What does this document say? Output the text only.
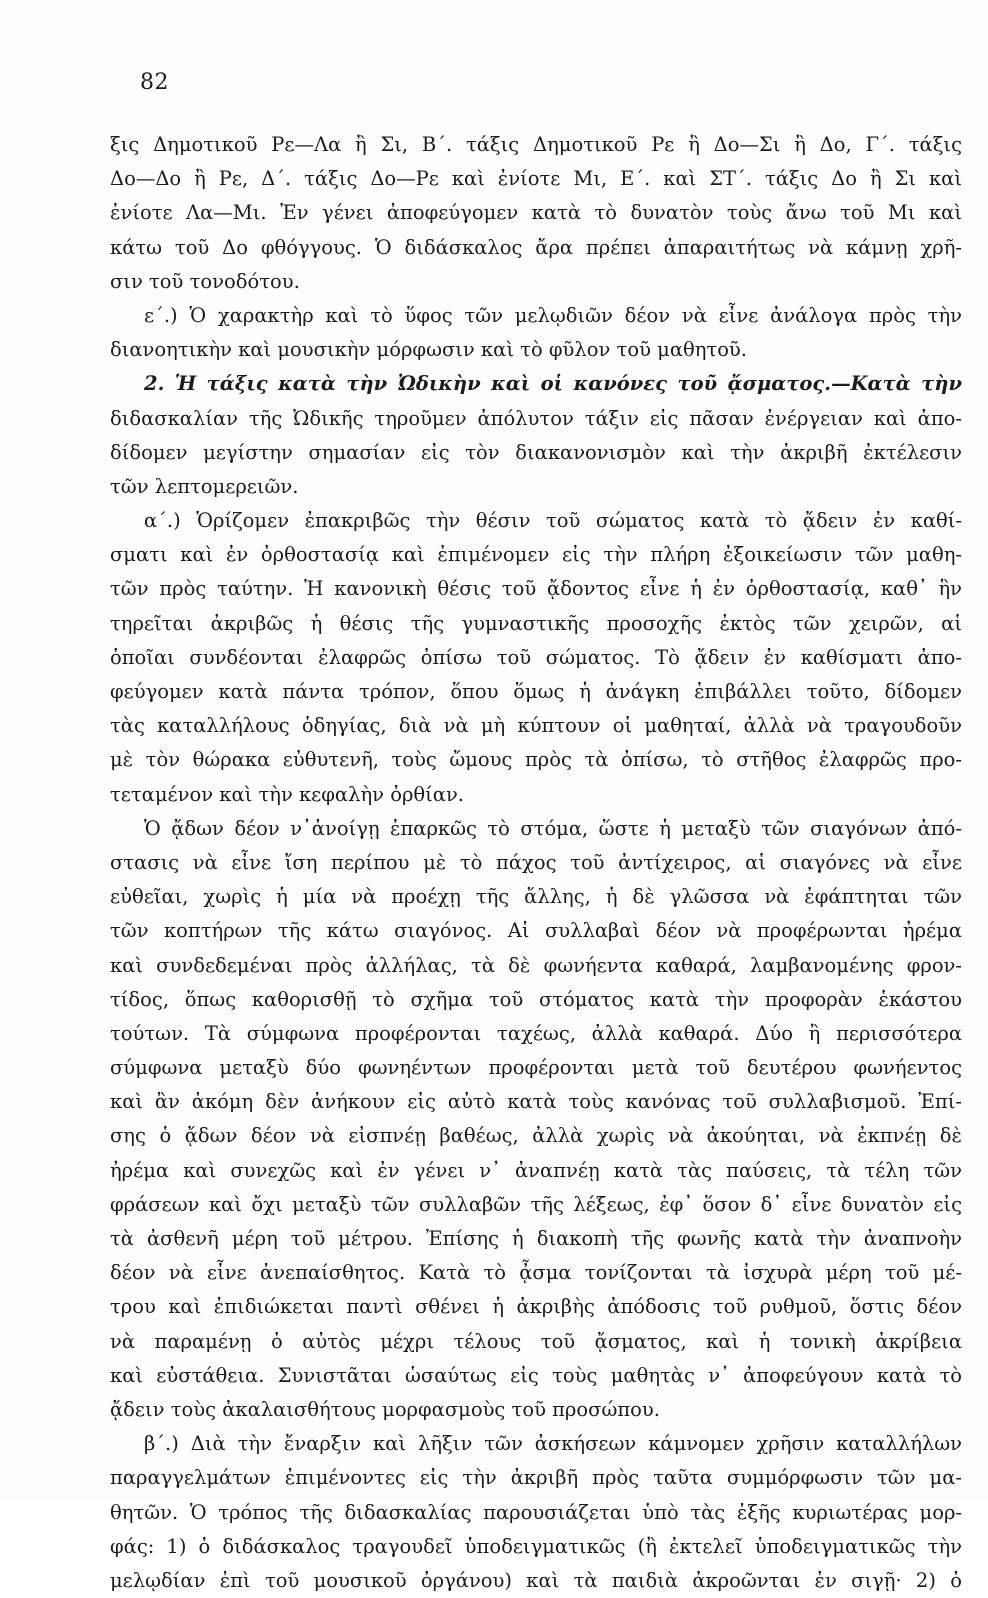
82
ξις Δημοτικοῦ Ρε—Λα ἢ Σι, Β΄. τάξις Δημοτικοῦ Ρε ἢ Δο—Σι ἢ Δο, Γ΄. τάξις
Δο—Δο ἢ Ρε, Δ΄. τάξις Δο—Ρε καὶ ἐνίοτε Μι, Ε΄. καὶ ΣΤ΄. τάξις Δο ἢ Σι καὶ
ἐνίοτε Λα—Μι. Ἐν γένει ἀποφεύγομεν κατὰ τὸ δυνατὸν τοὺς ἄνω τοῦ Μι καὶ
κάτω τοῦ Δο φθόγγους. Ὁ διδάσκαλος ἄρα πρέπει ἀπαραιτήτως νὰ κάμνῃ χρῆ-
σιν τοῦ τονοδότου.
ε΄.) Ὁ χαρακτὴρ καὶ τὸ ὕφος τῶν μελῳδιῶν δέον νὰ εἶνε ἀνάλογα πρὸς τὴν
διανοητικὴν καὶ μουσικὴν μόρφωσιν καὶ τὸ φῦλον τοῦ μαθητοῦ.
2. Ἡ τάξις κατὰ τὴν Ὠδικὴν καὶ οἱ κανόνες τοῦ ᾄσματος.—Κατὰ τὴν
διδασκαλίαν τῆς Ὠδικῆς τηροῦμεν ἀπόλυτον τάξιν εἰς πᾶσαν ἐνέργειαν καὶ ἀπο-
δίδομεν μεγίστην σημασίαν εἰς τὸν διακανονισμὸν καὶ τὴν ἀκριβῆ ἐκτέλεσιν
τῶν λεπτομερειῶν.
α΄.) Ὁρίζομεν ἐπακριβῶς τὴν θέσιν τοῦ σώματος κατὰ τὸ ᾄδειν ἐν καθί-
σματι καὶ ἐν ὀρθοστασίᾳ καὶ ἐπιμένομεν εἰς τὴν πλήρη ἐξοικείωσιν τῶν μαθη-
τῶν πρὸς ταύτην. Ἡ κανονικὴ θέσις τοῦ ᾄδοντος εἶνε ἡ ἐν ὀρθοστασίᾳ, καθ᾽ ἣν
τηρεῖται ἀκριβῶς ἡ θέσις τῆς γυμναστικῆς προσοχῆς ἐκτὸς τῶν χειρῶν, αἱ
ὁποῖαι συνδέονται ἐλαφρῶς ὀπίσω τοῦ σώματος. Τὸ ᾄδειν ἐν καθίσματι ἀπο-
φεύγομεν κατὰ πάντα τρόπον, ὅπου ὅμως ἡ ἀνάγκη ἐπιβάλλει τοῦτο, δίδομεν
τὰς καταλλήλους ὁδηγίας, διὰ νὰ μὴ κύπτουν οἱ μαθηταί, ἀλλὰ νὰ τραγουδοῦν
μὲ τὸν θώρακα εὐθυτενῆ, τοὺς ὤμους πρὸς τὰ ὀπίσω, τὸ στῆθος ἐλαφρῶς προ-
τεταμένον καὶ τὴν κεφαλὴν ὀρθίαν.
Ὁ ᾄδων δέον ν᾽ἀνοίγῃ ἐπαρκῶς τὸ στόμα, ὥστε ἡ μεταξὺ τῶν σιαγόνων ἀπό-
στασις νὰ εἶνε ἴση περίπου μὲ τὸ πάχος τοῦ ἀντίχειρος, αἱ σιαγόνες νὰ εἶνε
εὐθεῖαι, χωρὶς ἡ μία νὰ προέχῃ τῆς ἄλλης, ἡ δὲ γλῶσσα νὰ ἐφάπτηται τῶν
τῶν κοπτήρων τῆς κάτω σιαγόνος. Αἱ συλλαβαὶ δέον νὰ προφέρωνται ἠρέμα
καὶ συνδεδεμέναι πρὸς ἀλλήλας, τὰ δὲ φωνήεντα καθαρά, λαμβανομένης φρον-
τίδος, ὅπως καθορισθῇ τὸ σχῆμα τοῦ στόματος κατὰ τὴν προφορὰν ἑκάστου
τούτων. Τὰ σύμφωνα προφέρονται ταχέως, ἀλλὰ καθαρά. Δύο ἢ περισσότερα
σύμφωνα μεταξὺ δύο φωνηέντων προφέρονται μετὰ τοῦ δευτέρου φωνήεντος
καὶ ἂν ἀκόμη δὲν ἀνήκουν εἰς αὐτὸ κατὰ τοὺς κανόνας τοῦ συλλαβισμοῦ. Ἐπί-
σης ὁ ᾄδων δέον νὰ εἰσπνέῃ βαθέως, ἀλλὰ χωρὶς νὰ ἀκούηται, νὰ ἐκπνέῃ δὲ
ἠρέμα καὶ συνεχῶς καὶ ἐν γένει ν᾽ ἀναπνέῃ κατὰ τὰς παύσεις, τὰ τέλη τῶν
φράσεων καὶ ὄχι μεταξὺ τῶν συλλαβῶν τῆς λέξεως, ἐφ᾽ ὅσον δ᾽ εἶνε δυνατὸν εἰς
τὰ ἀσθενῆ μέρη τοῦ μέτρου. Ἐπίσης ἡ διακοπὴ τῆς φωνῆς κατὰ τὴν ἀναπνοὴν
δέον νὰ εἶνε ἀνεπαίσθητος. Κατὰ τὸ ᾆσμα τονίζονται τὰ ἰσχυρὰ μέρη τοῦ μέ-
τρου καὶ ἐπιδιώκεται παντὶ σθένει ἡ ἀκριβὴς ἀπόδοσις τοῦ ρυθμοῦ, ὅστις δέον
νὰ παραμένῃ ὁ αὐτὸς μέχρι τέλους τοῦ ᾄσματος, καὶ ἡ τονικὴ ἀκρίβεια
καὶ εὐστάθεια. Συνιστᾶται ὡσαύτως εἰς τοὺς μαθητὰς ν᾽ ἀποφεύγουν κατὰ τὸ
ᾄδειν τοὺς ἀκαλαισθήτους μορφασμοὺς τοῦ προσώπου.
β΄.) Διὰ τὴν ἔναρξιν καὶ λῆξιν τῶν ἀσκήσεων κάμνομεν χρῆσιν καταλλήλων
παραγγελμάτων ἐπιμένοντες εἰς τὴν ἀκριβῆ πρὸς ταῦτα συμμόρφωσιν τῶν μα-
θητῶν. Ὁ τρόπος τῆς διδασκαλίας παρουσιάζεται ὑπὸ τὰς ἑξῆς κυριωτέρας μορ-
φάς: 1) ὁ διδάσκαλος τραγουδεῖ ὑποδειγματικῶς (ἢ ἐκτελεῖ ὑποδειγματικῶς τὴν
μελῳδίαν ἐπὶ τοῦ μουσικοῦ ὀργάνου) καὶ τὰ παιδιὰ ἀκροῶνται ἐν σιγῇ· 2) ὁ
